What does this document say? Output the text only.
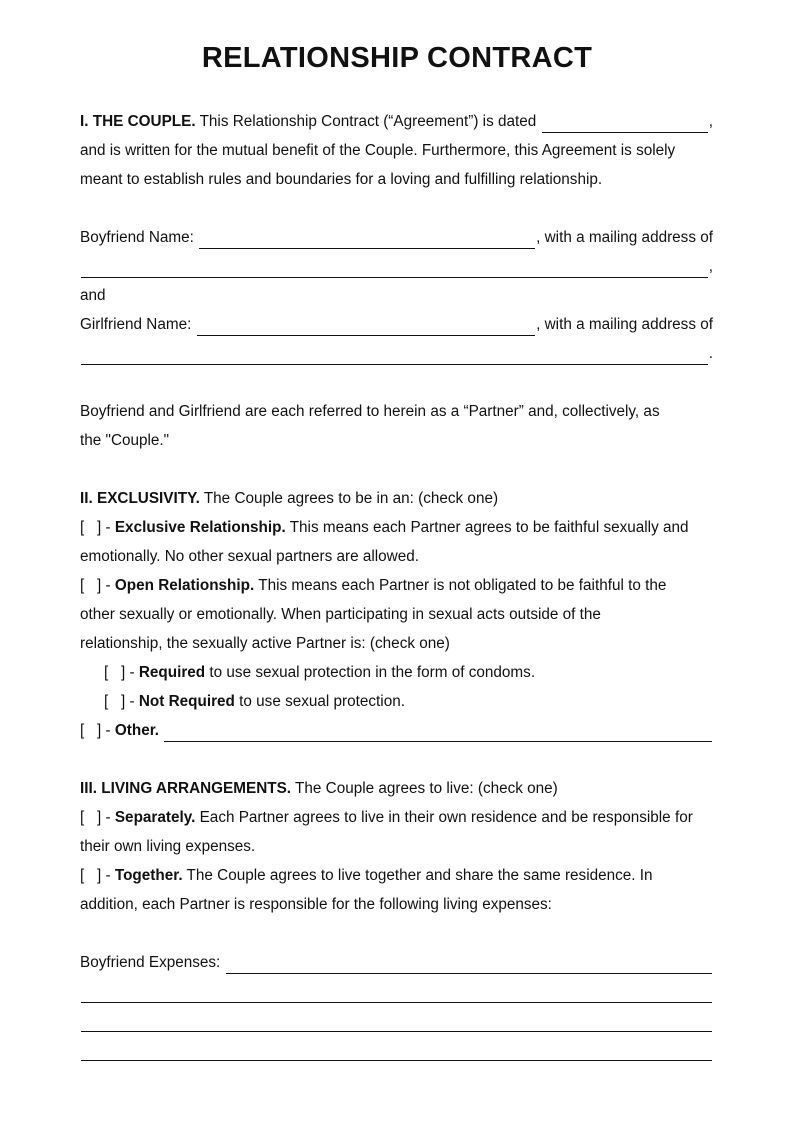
RELATIONSHIP CONTRACT
I. THE COUPLE. This Relationship Contract (“Agreement”) is dated	,
and is written for the mutual benefit of the Couple. Furthermore, this Agreement is solely
meant to establish rules and boundaries for a loving and fulfilling relationship.
Boyfriend Name:	, with a mailing address of
,
and
Girlfriend Name:	, with a mailing address of
.
Boyfriend and Girlfriend are each referred to herein as a “Partner” and, collectively, as
the "Couple."
II. EXCLUSIVITY. The Couple agrees to be in an: (check one)
[   ] - Exclusive Relationship. This means each Partner agrees to be faithful sexually and
emotionally. No other sexual partners are allowed.
[   ] - Open Relationship. This means each Partner is not obligated to be faithful to the
other sexually or emotionally. When participating in sexual acts outside of the
relationship, the sexually active Partner is: (check one)
[   ] - Required to use sexual protection in the form of condoms.
[   ] - Not Required to use sexual protection.
[   ] - Other.
III. LIVING ARRANGEMENTS. The Couple agrees to live: (check one)
[   ] - Separately. Each Partner agrees to live in their own residence and be responsible for
their own living expenses.
[   ] - Together. The Couple agrees to live together and share the same residence. In
addition, each Partner is responsible for the following living expenses:
Boyfriend Expenses:
